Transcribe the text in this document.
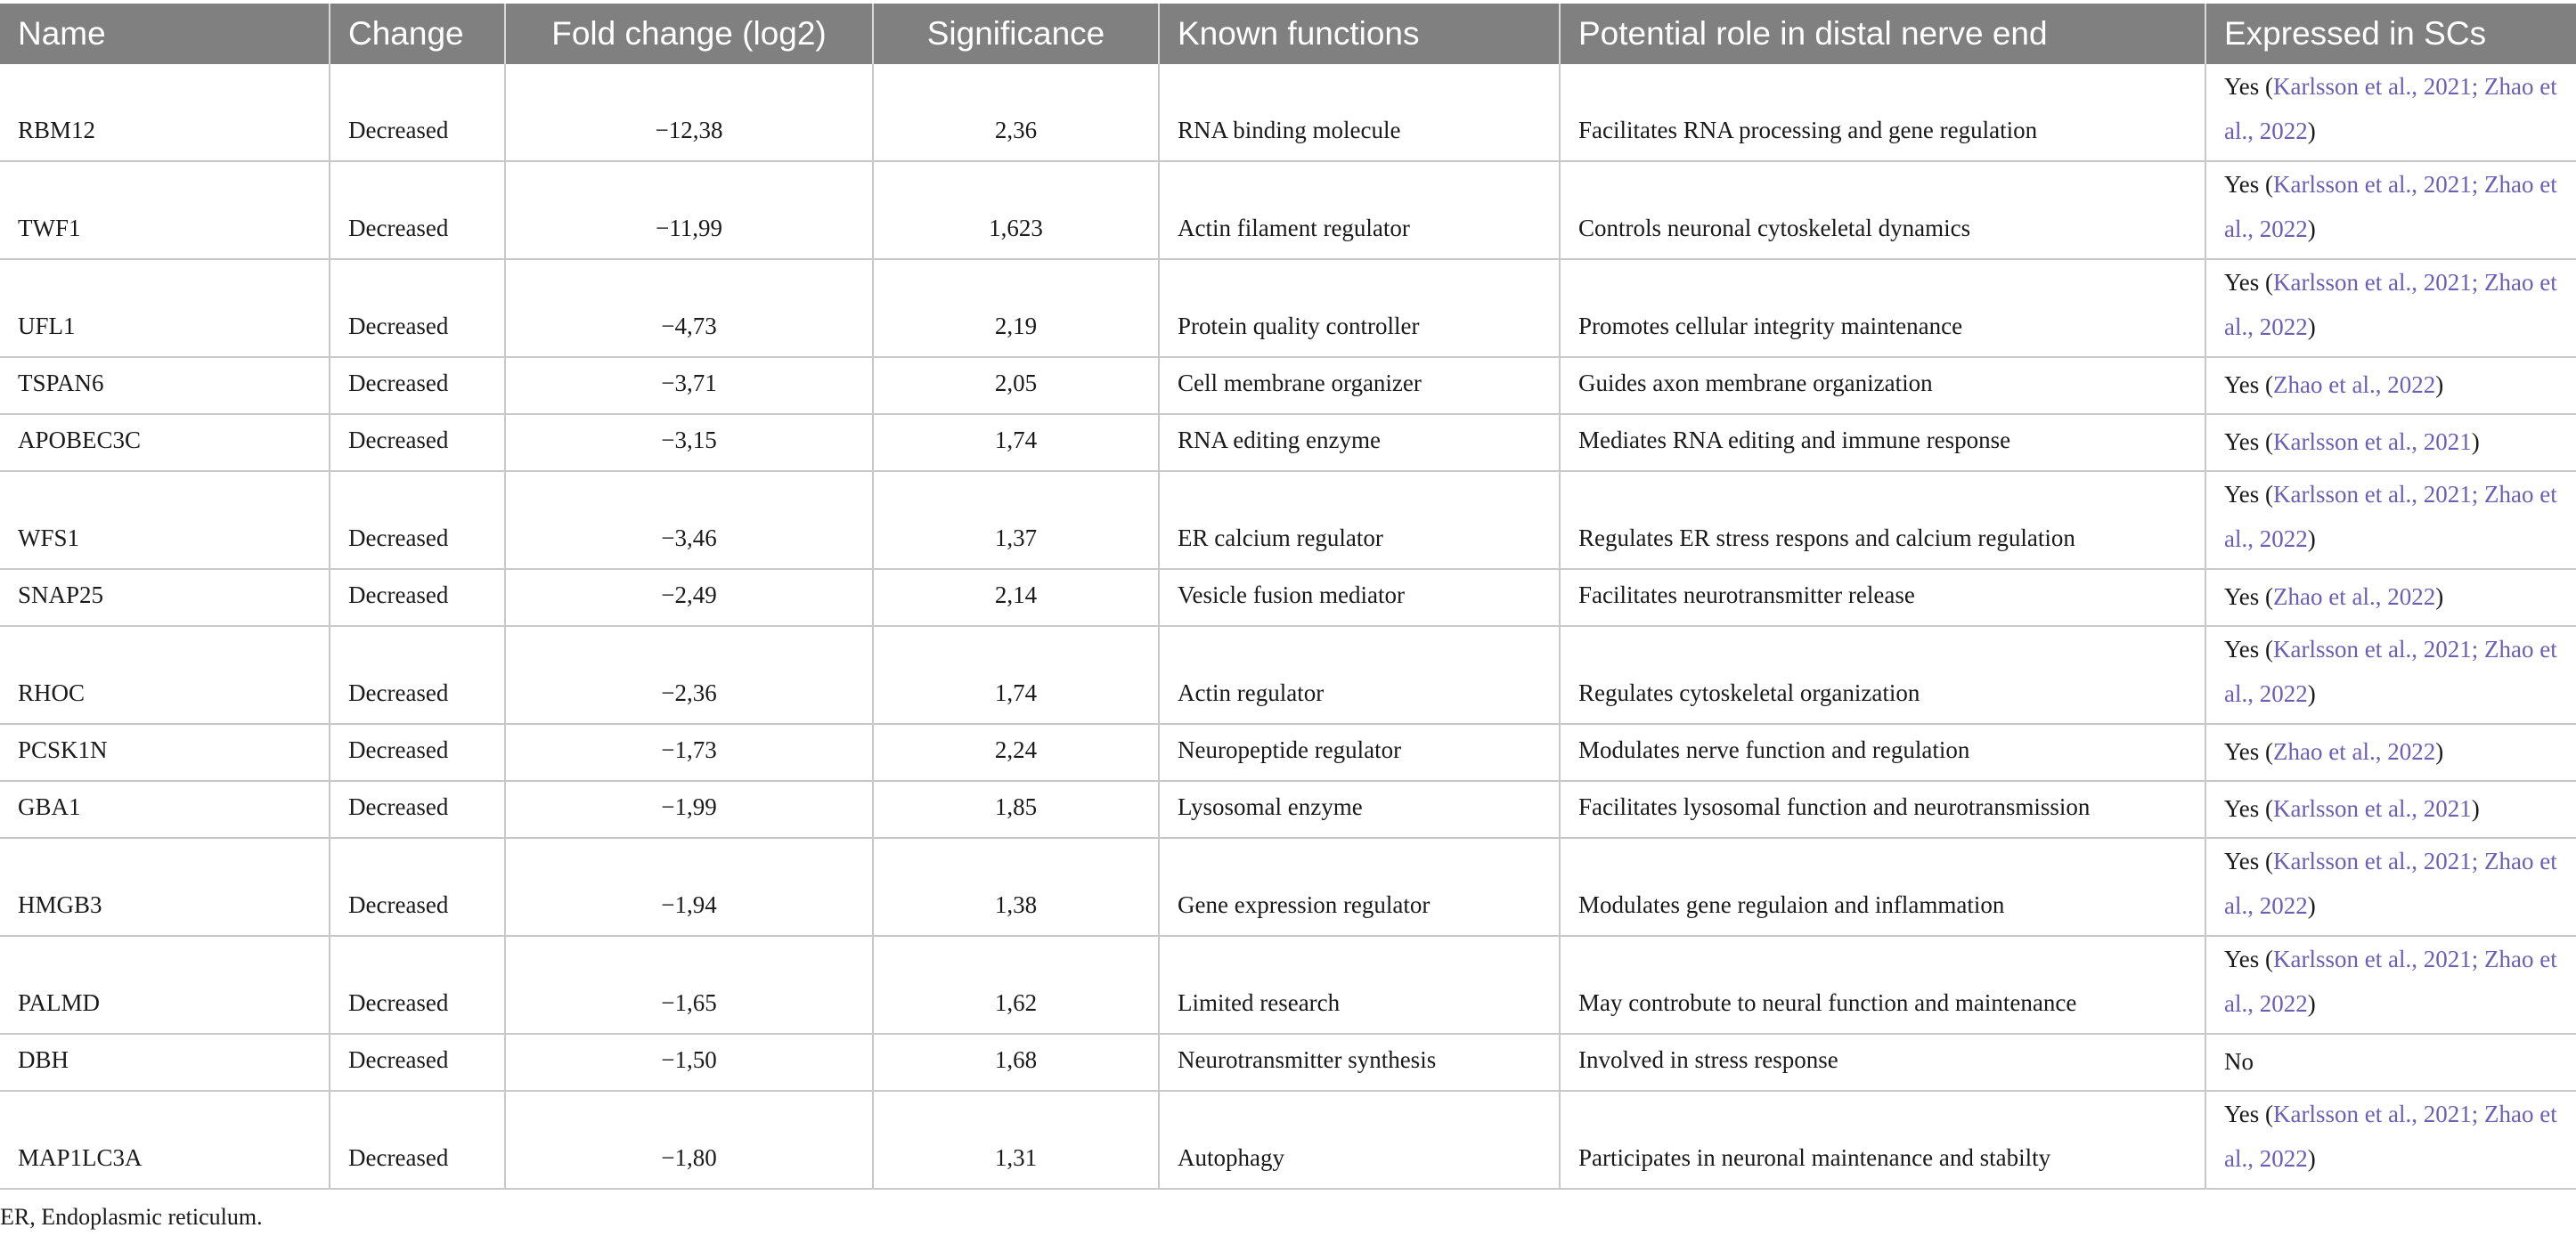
Name	Change	Fold change (log2)	Significance	Known functions	Potential role in distal nerve end	Expressed in SCs
RBM12	Decreased	−12,38	2,36	RNA binding molecule	Facilitates RNA processing and gene regulation	Yes (Karlsson et al., 2021; Zhao et al., 2022)
TWF1	Decreased	−11,99	1,623	Actin filament regulator	Controls neuronal cytoskeletal dynamics	Yes (Karlsson et al., 2021; Zhao et al., 2022)
UFL1	Decreased	−4,73	2,19	Protein quality controller	Promotes cellular integrity maintenance	Yes (Karlsson et al., 2021; Zhao et al., 2022)
TSPAN6	Decreased	−3,71	2,05	Cell membrane organizer	Guides axon membrane organization	Yes (Zhao et al., 2022)
APOBEC3C	Decreased	−3,15	1,74	RNA editing enzyme	Mediates RNA editing and immune response	Yes (Karlsson et al., 2021)
WFS1	Decreased	−3,46	1,37	ER calcium regulator	Regulates ER stress respons and calcium regulation	Yes (Karlsson et al., 2021; Zhao et al., 2022)
SNAP25	Decreased	−2,49	2,14	Vesicle fusion mediator	Facilitates neurotransmitter release	Yes (Zhao et al., 2022)
RHOC	Decreased	−2,36	1,74	Actin regulator	Regulates cytoskeletal organization	Yes (Karlsson et al., 2021; Zhao et al., 2022)
PCSK1N	Decreased	−1,73	2,24	Neuropeptide regulator	Modulates nerve function and regulation	Yes (Zhao et al., 2022)
GBA1	Decreased	−1,99	1,85	Lysosomal enzyme	Facilitates lysosomal function and neurotransmission	Yes (Karlsson et al., 2021)
HMGB3	Decreased	−1,94	1,38	Gene expression regulator	Modulates gene regulaion and inflammation	Yes (Karlsson et al., 2021; Zhao et al., 2022)
PALMD	Decreased	−1,65	1,62	Limited research	May controbute to neural function and maintenance	Yes (Karlsson et al., 2021; Zhao et al., 2022)
DBH	Decreased	−1,50	1,68	Neurotransmitter synthesis	Involved in stress response	No
MAP1LC3A	Decreased	−1,80	1,31	Autophagy	Participates in neuronal maintenance and stabilty	Yes (Karlsson et al., 2021; Zhao et al., 2022)
ER, Endoplasmic reticulum.
